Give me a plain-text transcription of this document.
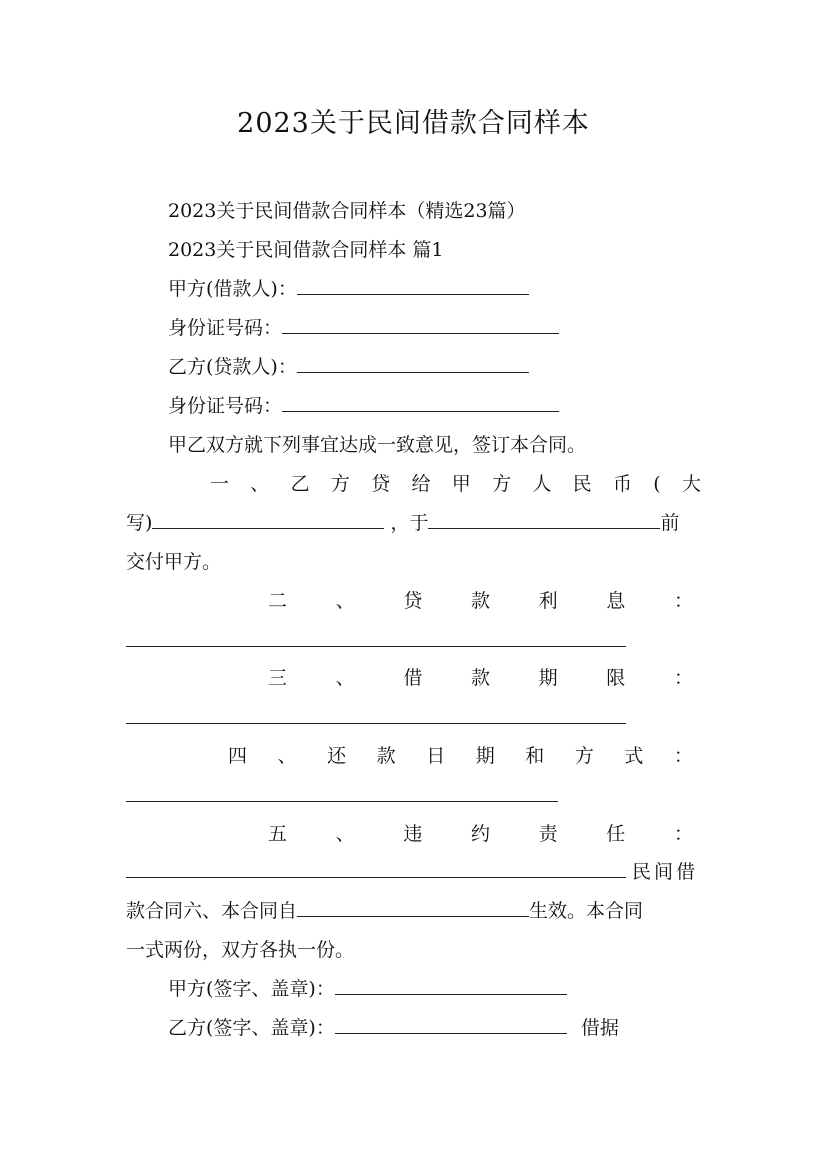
2023关于民间借款合同样本
2023关于民间借款合同样本（精选23篇）
2023关于民间借款合同样本 篇1
甲方(借款人)：
身份证号码：
乙方(贷款人)：
身份证号码：
甲乙双方就下列事宜达成一致意见，签订本合同。
一 、 乙 方 贷 给 甲 方 人 民 币 ( 大
写)	，于	前
交付甲方。
二	、	贷	款	利	息	：
三	、	借	款	期	限	：
四 、 还 款 日 期 和 方 式 ：
五	、	违	约	责	任	：
民间借
款合同六、本合同自	生效。本合同
一式两份，双方各执一份。
甲方(签字、盖章)：
乙方(签字、盖章)：	借据
